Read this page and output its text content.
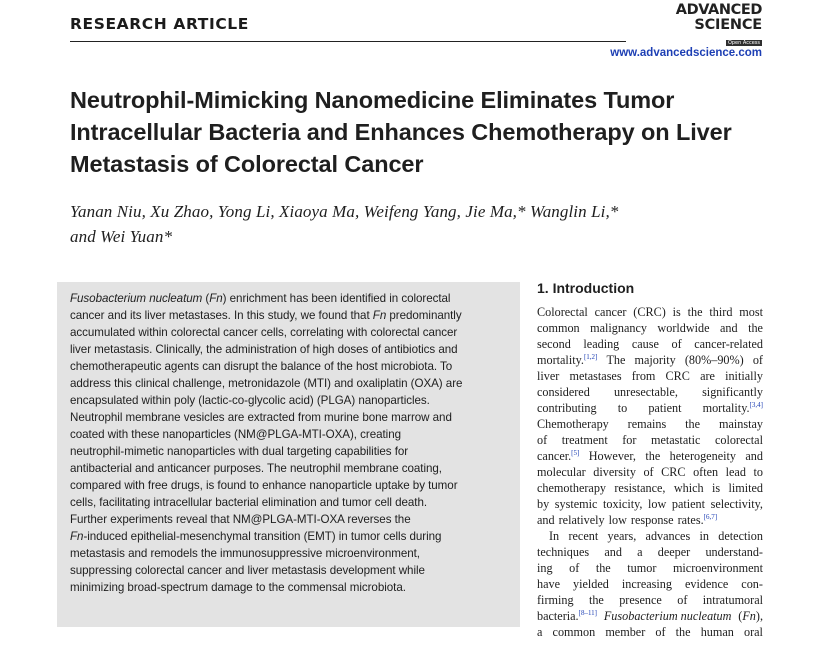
RESEARCH ARTICLE
ADVANCED
SCIENCE
Open Access
www.advancedscience.com
Neutrophil-Mimicking Nanomedicine Eliminates Tumor
Intracellular Bacteria and Enhances Chemotherapy on Liver
Metastasis of Colorectal Cancer
Yanan Niu, Xu Zhao, Yong Li, Xiaoya Ma, Weifeng Yang, Jie Ma,* Wanglin Li,*
and Wei Yuan*
Fusobacterium nucleatum (Fn) enrichment has been identified in colorectal
cancer and its liver metastases. In this study, we found that Fn predominantly
accumulated within colorectal cancer cells, correlating with colorectal cancer
liver metastasis. Clinically, the administration of high doses of antibiotics and
chemotherapeutic agents can disrupt the balance of the host microbiota. To
address this clinical challenge, metronidazole (MTI) and oxaliplatin (OXA) are
encapsulated within poly (lactic-co-glycolic acid) (PLGA) nanoparticles.
Neutrophil membrane vesicles are extracted from murine bone marrow and
coated with these nanoparticles (NM@PLGA-MTI-OXA), creating
neutrophil-mimetic nanoparticles with dual targeting capabilities for
antibacterial and anticancer purposes. The neutrophil membrane coating,
compared with free drugs, is found to enhance nanoparticle uptake by tumor
cells, facilitating intracellular bacterial elimination and tumor cell death.
Further experiments reveal that NM@PLGA-MTI-OXA reverses the
Fn-induced epithelial-mesenchymal transition (EMT) in tumor cells during
metastasis and remodels the immunosuppressive microenvironment,
suppressing colorectal cancer and liver metastasis development while
minimizing broad-spectrum damage to the commensal microbiota.
1. Introduction
Colorectal cancer (CRC) is the third most
common malignancy worldwide and the
second leading cause of cancer-related
mortality.[1,2] The majority (80%–90%) of
liver metastases from CRC are initially
considered unresectable, significantly
contributing to patient mortality.[3,4]
Chemotherapy remains the mainstay
of treatment for metastatic colorectal
cancer.[5] However, the heterogeneity and
molecular diversity of CRC often lead to
chemotherapy resistance, which is limited
by systemic toxicity, low patient selectivity,
and relatively low response rates.[6,7]
In recent years, advances in detection
techniques and a deeper understand-
ing of the tumor microenvironment
have yielded increasing evidence con-
firming the presence of intratumoral
bacteria.[8–11] Fusobacterium nucleatum (Fn),
a common member of the human oral
